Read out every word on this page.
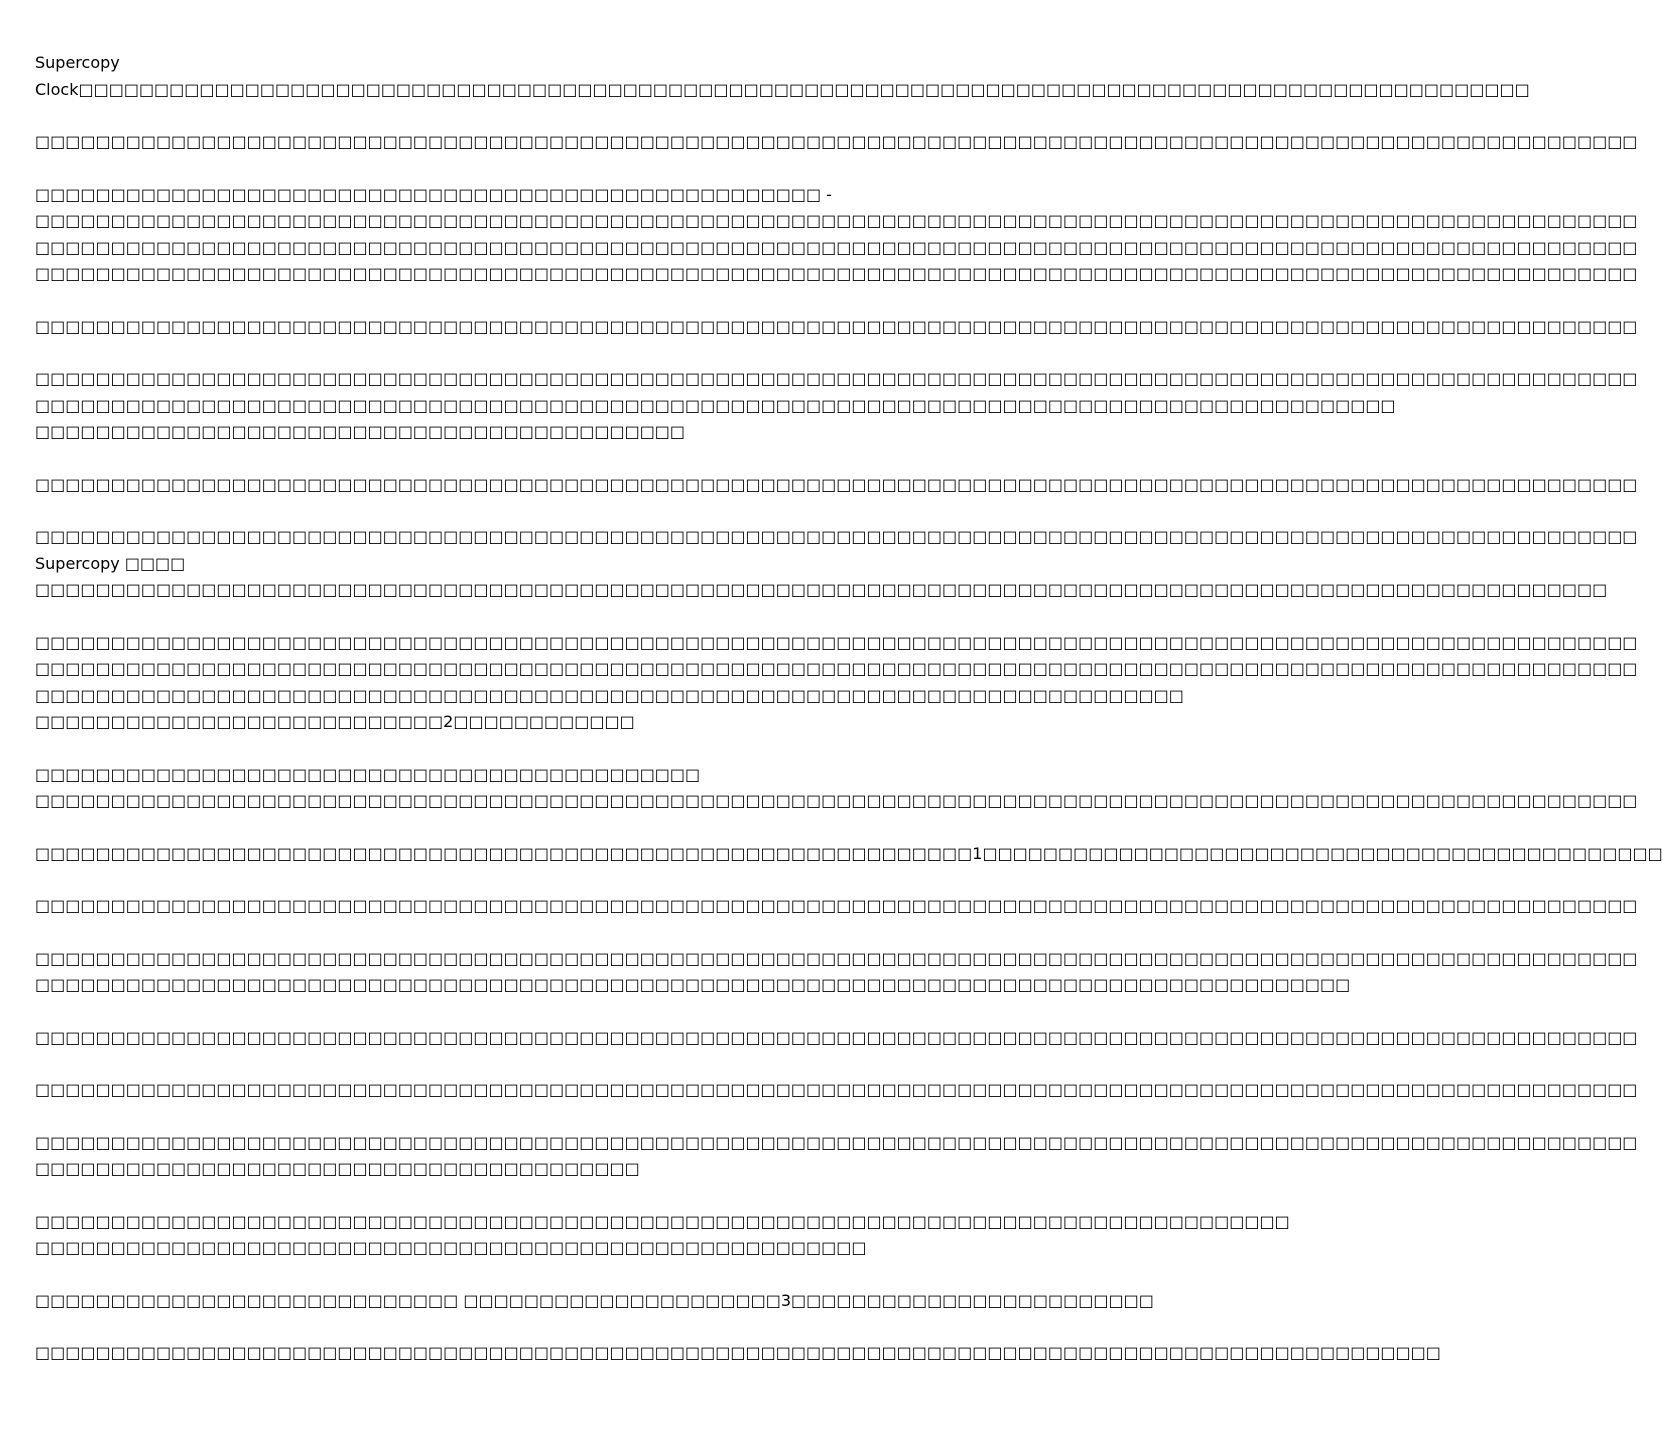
Supercopy
Clock□□□□□□□□□□□□□□□□□□□□□□□□□□□□□□□□□□□□□□□□□□□□□□□□□□□□□□□□□□□□□□□□□□□□□□□□□□□□□□□□□□□□□□□□□□□□□□□□
□□□□□□□□□□□□□□□□□□□□□□□□□□□□□□□□□□□□□□□□□□□□□□□□□□□□□□□□□□□□□□□□□□□□□□□□□□□□□□□□□□□□□□□□□□□□□□□□□□□□□□□□□□
□□□□□□□□□□□□□□□□□□□□□□□□□□□□□□□□□□□□□□□□□□□□□□□□□□□□ -
□□□□□□□□□□□□□□□□□□□□□□□□□□□□□□□□□□□□□□□□□□□□□□□□□□□□□□□□□□□□□□□□□□□□□□□□□□□□□□□□□□□□□□□□□□□□□□□□□□□□□□□□□□
□□□□□□□□□□□□□□□□□□□□□□□□□□□□□□□□□□□□□□□□□□□□□□□□□□□□□□□□□□□□□□□□□□□□□□□□□□□□□□□□□□□□□□□□□□□□□□□□□□□□□□□□□□
□□□□□□□□□□□□□□□□□□□□□□□□□□□□□□□□□□□□□□□□□□□□□□□□□□□□□□□□□□□□□□□□□□□□□□□□□□□□□□□□□□□□□□□□□□□□□□□□□□□□□□□□□□
□□□□□□□□□□□□□□□□□□□□□□□□□□□□□□□□□□□□□□□□□□□□□□□□□□□□□□□□□□□□□□□□□□□□□□□□□□□□□□□□□□□□□□□□□□□□□□□□□□□□□□□□□□
□□□□□□□□□□□□□□□□□□□□□□□□□□□□□□□□□□□□□□□□□□□□□□□□□□□□□□□□□□□□□□□□□□□□□□□□□□□□□□□□□□□□□□□□□□□□□□□□□□□□□□□□□□
□□□□□□□□□□□□□□□□□□□□□□□□□□□□□□□□□□□□□□□□□□□□□□□□□□□□□□□□□□□□□□□□□□□□□□□□□□□□□□□□□□□□□□□□□□
□□□□□□□□□□□□□□□□□□□□□□□□□□□□□□□□□□□□□□□□□□□
□□□□□□□□□□□□□□□□□□□□□□□□□□□□□□□□□□□□□□□□□□□□□□□□□□□□□□□□□□□□□□□□□□□□□□□□□□□□□□□□□□□□□□□□□□□□□□□□□□□□□□□□□□
□□□□□□□□□□□□□□□□□□□□□□□□□□□□□□□□□□□□□□□□□□□□□□□□□□□□□□□□□□□□□□□□□□□□□□□□□□□□□□□□□□□□□□□□□□□□□□□□□□□□□□□□□□
Supercopy □□□□
□□□□□□□□□□□□□□□□□□□□□□□□□□□□□□□□□□□□□□□□□□□□□□□□□□□□□□□□□□□□□□□□□□□□□□□□□□□□□□□□□□□□□□□□□□□□□□□□□□□□□□□□
□□□□□□□□□□□□□□□□□□□□□□□□□□□□□□□□□□□□□□□□□□□□□□□□□□□□□□□□□□□□□□□□□□□□□□□□□□□□□□□□□□□□□□□□□□□□□□□□□□□□□□□□□□
□□□□□□□□□□□□□□□□□□□□□□□□□□□□□□□□□□□□□□□□□□□□□□□□□□□□□□□□□□□□□□□□□□□□□□□□□□□□□□□□□□□□□□□□□□□□□□□□□□□□□□□□□□
□□□□□□□□□□□□□□□□□□□□□□□□□□□□□□□□□□□□□□□□□□□□□□□□□□□□□□□□□□□□□□□□□□□□□□□□□□□□
□□□□□□□□□□□□□□□□□□□□□□□□□□□2□□□□□□□□□□□□
□□□□□□□□□□□□□□□□□□□□□□□□□□□□□□□□□□□□□□□□□□□□
□□□□□□□□□□□□□□□□□□□□□□□□□□□□□□□□□□□□□□□□□□□□□□□□□□□□□□□□□□□□□□□□□□□□□□□□□□□□□□□□□□□□□□□□□□□□□□□□□□□□□□□□□□
□□□□□□□□□□□□□□□□□□□□□□□□□□□□□□□□□□□□□□□□□□□□□□□□□□□□□□□□□□□□□□1□□□□□□□□□□□□□□□□□□□□□□□□□□□□□□□□□□□□□□□□□□□□□
□□□□□□□□□□□□□□□□□□□□□□□□□□□□□□□□□□□□□□□□□□□□□□□□□□□□□□□□□□□□□□□□□□□□□□□□□□□□□□□□□□□□□□□□□□□□□□□□□□□□□□□□□□
□□□□□□□□□□□□□□□□□□□□□□□□□□□□□□□□□□□□□□□□□□□□□□□□□□□□□□□□□□□□□□□□□□□□□□□□□□□□□□□□□□□□□□□□□□□□□□□□□□□□□□□□□□
□□□□□□□□□□□□□□□□□□□□□□□□□□□□□□□□□□□□□□□□□□□□□□□□□□□□□□□□□□□□□□□□□□□□□□□□□□□□□□□□□□□□□□□
□□□□□□□□□□□□□□□□□□□□□□□□□□□□□□□□□□□□□□□□□□□□□□□□□□□□□□□□□□□□□□□□□□□□□□□□□□□□□□□□□□□□□□□□□□□□□□□□□□□□□□□□□□
□□□□□□□□□□□□□□□□□□□□□□□□□□□□□□□□□□□□□□□□□□□□□□□□□□□□□□□□□□□□□□□□□□□□□□□□□□□□□□□□□□□□□□□□□□□□□□□□□□□□□□□□□□
□□□□□□□□□□□□□□□□□□□□□□□□□□□□□□□□□□□□□□□□□□□□□□□□□□□□□□□□□□□□□□□□□□□□□□□□□□□□□□□□□□□□□□□□□□□□□□□□□□□□□□□□□□
□□□□□□□□□□□□□□□□□□□□□□□□□□□□□□□□□□□□□□□□
□□□□□□□□□□□□□□□□□□□□□□□□□□□□□□□□□□□□□□□□□□□□□□□□□□□□□□□□□□□□□□□□□□□□□□□□□□□□□□□□□□□
□□□□□□□□□□□□□□□□□□□□□□□□□□□□□□□□□□□□□□□□□□□□□□□□□□□□□□□
□□□□□□□□□□□□□□□□□□□□□□□□□□□□ □□□□□□□□□□□□□□□□□□□□□3□□□□□□□□□□□□□□□□□□□□□□□□
□□□□□□□□□□□□□□□□□□□□□□□□□□□□□□□□□□□□□□□□□□□□□□□□□□□□□□□□□□□□□□□□□□□□□□□□□□□□□□□□□□□□□□□□□□□□□
